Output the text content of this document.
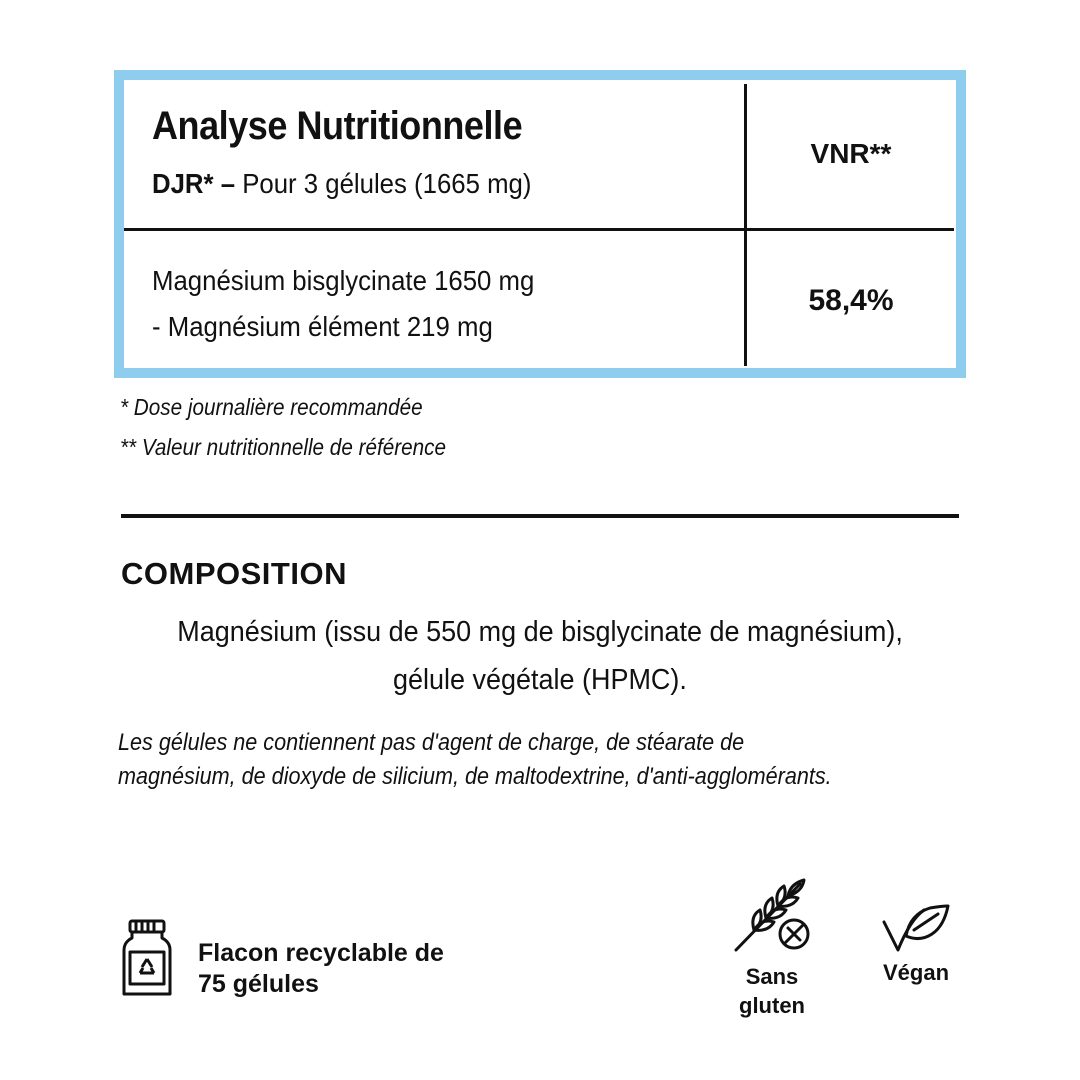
Analyse Nutritionnelle
DJR* – Pour 3 gélules (1665 mg)
VNR**
Magnésium bisglycinate 1650 mg
- Magnésium élément 219 mg
58,4%
* Dose journalière recommandée
** Valeur nutritionnelle de référence
COMPOSITION
Magnésium (issu de 550 mg de bisglycinate de magnésium),
gélule végétale (HPMC).
Les gélules ne contiennent pas d'agent de charge, de stéarate de
magnésium, de dioxyde de silicium, de maltodextrine, d'anti-agglomérants.
Flacon recyclable de
75 gélules	Sans
gluten
Végan
